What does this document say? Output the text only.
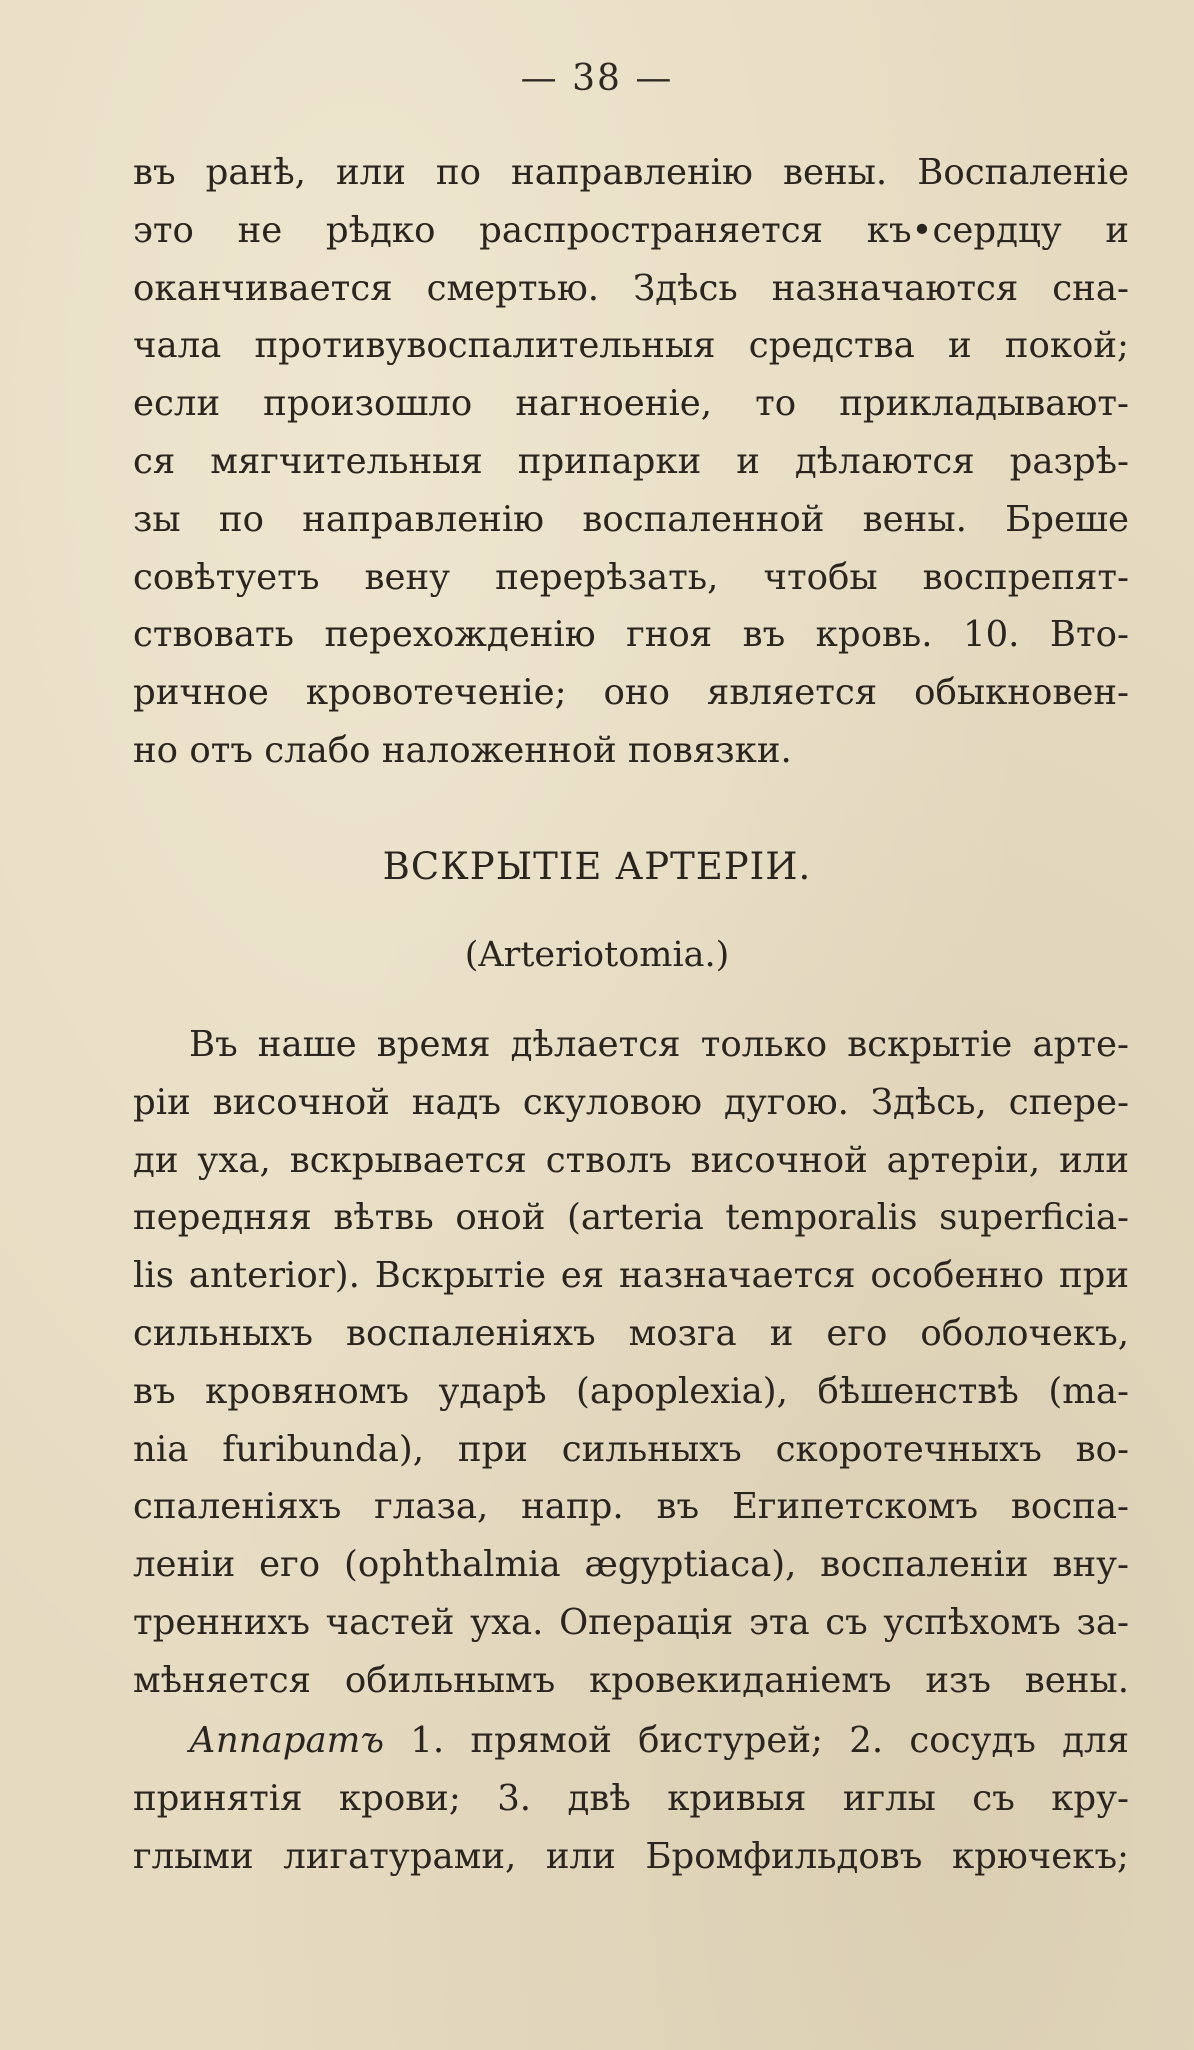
— 38 —
въ ранѣ, или по направленію вены. Воспаленіе
это не рѣдко распространяется къ•сердцу и
оканчивается смертью. Здѣсь назначаются сна-
чала противувоспалительныя средства и покой;
если произошло нагноеніе, то прикладывают-
ся мягчительныя припарки и дѣлаются разрѣ-
зы по направленію воспаленной вены. Брешe
совѣтуетъ вену перерѣзать, чтобы воспрепят-
ствовать перехожденію гноя въ кровь. 10. Вто-
ричное кровотеченіе; оно является обыкновен-
но отъ слабо наложенной повязки.
ВСКРЫТІЕ АРТЕРІИ.
(Arteriotomia.)
Въ наше время дѣлается только вскрытіе арте-
ріи височной надъ скуловою дугою. Здѣсь, спере-
ди уха, вскрывается стволъ височной артеріи, или
передняя вѣтвь оной (arteria temporalis superficia-
lis anterior). Вскрытіе ея назначается особенно при
сильныхъ воспаленіяхъ мозга и его оболочекъ,
въ кровяномъ ударѣ (apoplexia), бѣшенствѣ (ma-
nia furibunda), при сильныхъ скоротечныхъ во-
спаленіяхъ глаза, напр. въ Египетскомъ воспа-
леніи его (ophthalmia ægyptiaca), воспаленіи вну-
треннихъ частей уха. Операція эта съ успѣхомъ за-
мѣняется обильнымъ кровекиданіемъ изъ вены.
Аппаратъ 1. прямой бистурей; 2. сосудъ для
принятія крови; 3. двѣ кривыя иглы съ кру-
глыми лигатурами, или Бромфильдовъ крючекъ;
